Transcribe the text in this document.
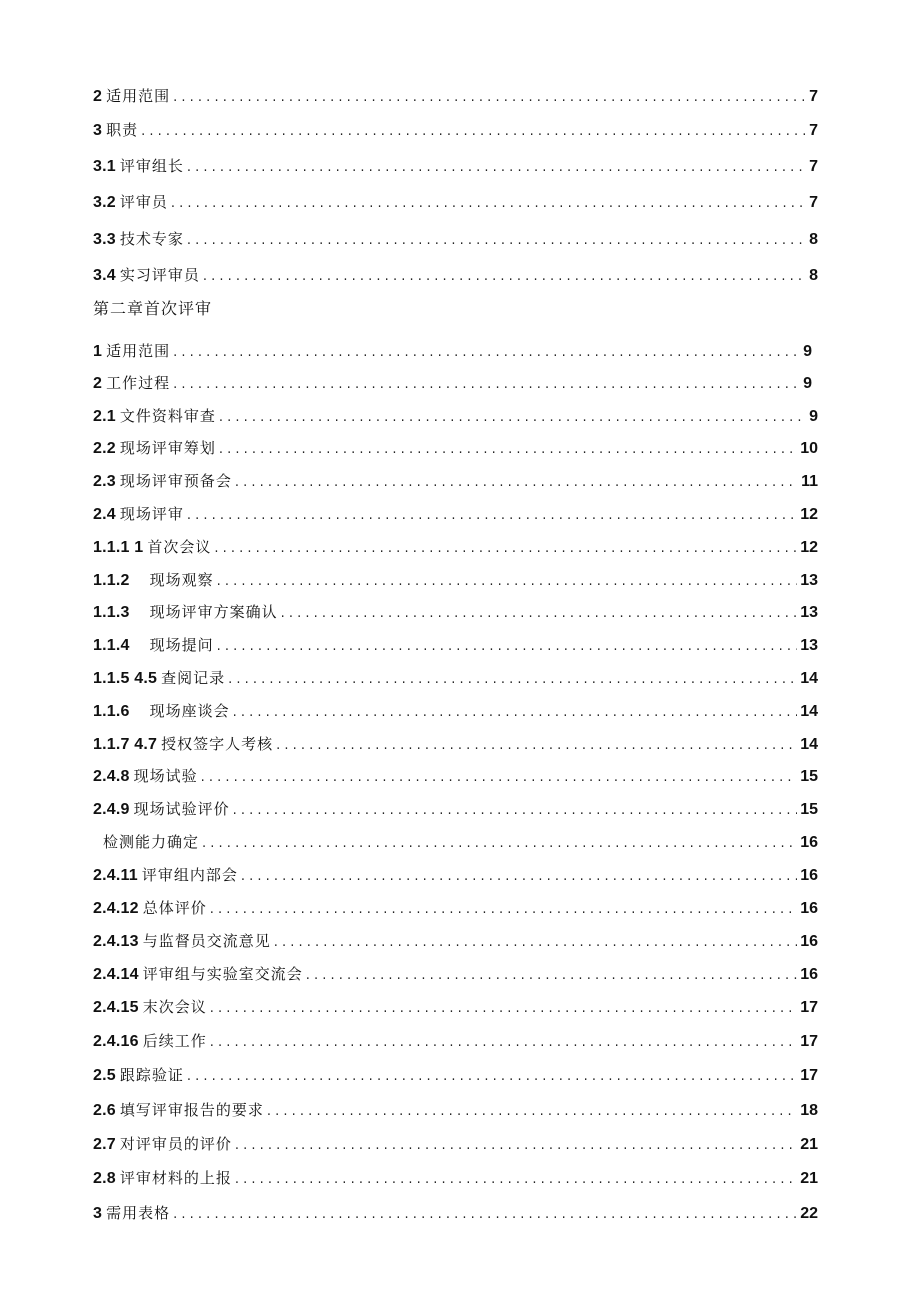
2 适用范围 . . .	7
3 职责 . . .	7
3.1 评审组长 . . .	7
3.2 评审员 . . .	7
3.3 技术专家 . . .	8
3.4 实习评审员 . . .	8
第二章首次评审
1 适用范围 . . .	9
2 工作过程 . . .	9
2.1 文件资料审查 . . .	9
2.2 现场评审筹划 . . .	10
2.3 现场评审预备会 . . .	11
2.4 现场评审 . . .	12
1.1.1 1 首次会议 . . .	12
1.1.2 　现场观察 . . .	13
1.1.3 　现场评审方案确认 . . .	13
1.1.4 　现场提问 . . .	13
1.1.5 4.5 查阅记录 . . .	14
1.1.6 　现场座谈会 . . .	14
1.1.7 4.7 授权签字人考核 . . .	14
2.4.8 现场试验 . . .	15
2.4.9 现场试验评价 . . .	15
检测能力确定 . . .	16
2.4.11 评审组内部会 . . .	16
2.4.12 总体评价 . . .	16
2.4.13 与监督员交流意见 . . .	16
2.4.14 评审组与实验室交流会 . . .	16
2.4.15 末次会议 . . .	17
2.4.16 后续工作 . . .	17
2.5 跟踪验证 . . .	17
2.6 填写评审报告的要求 . . .	18
2.7 对评审员的评价 . . .	21
2.8 评审材料的上报 . . .	21
3 需用表格 . . .	22
